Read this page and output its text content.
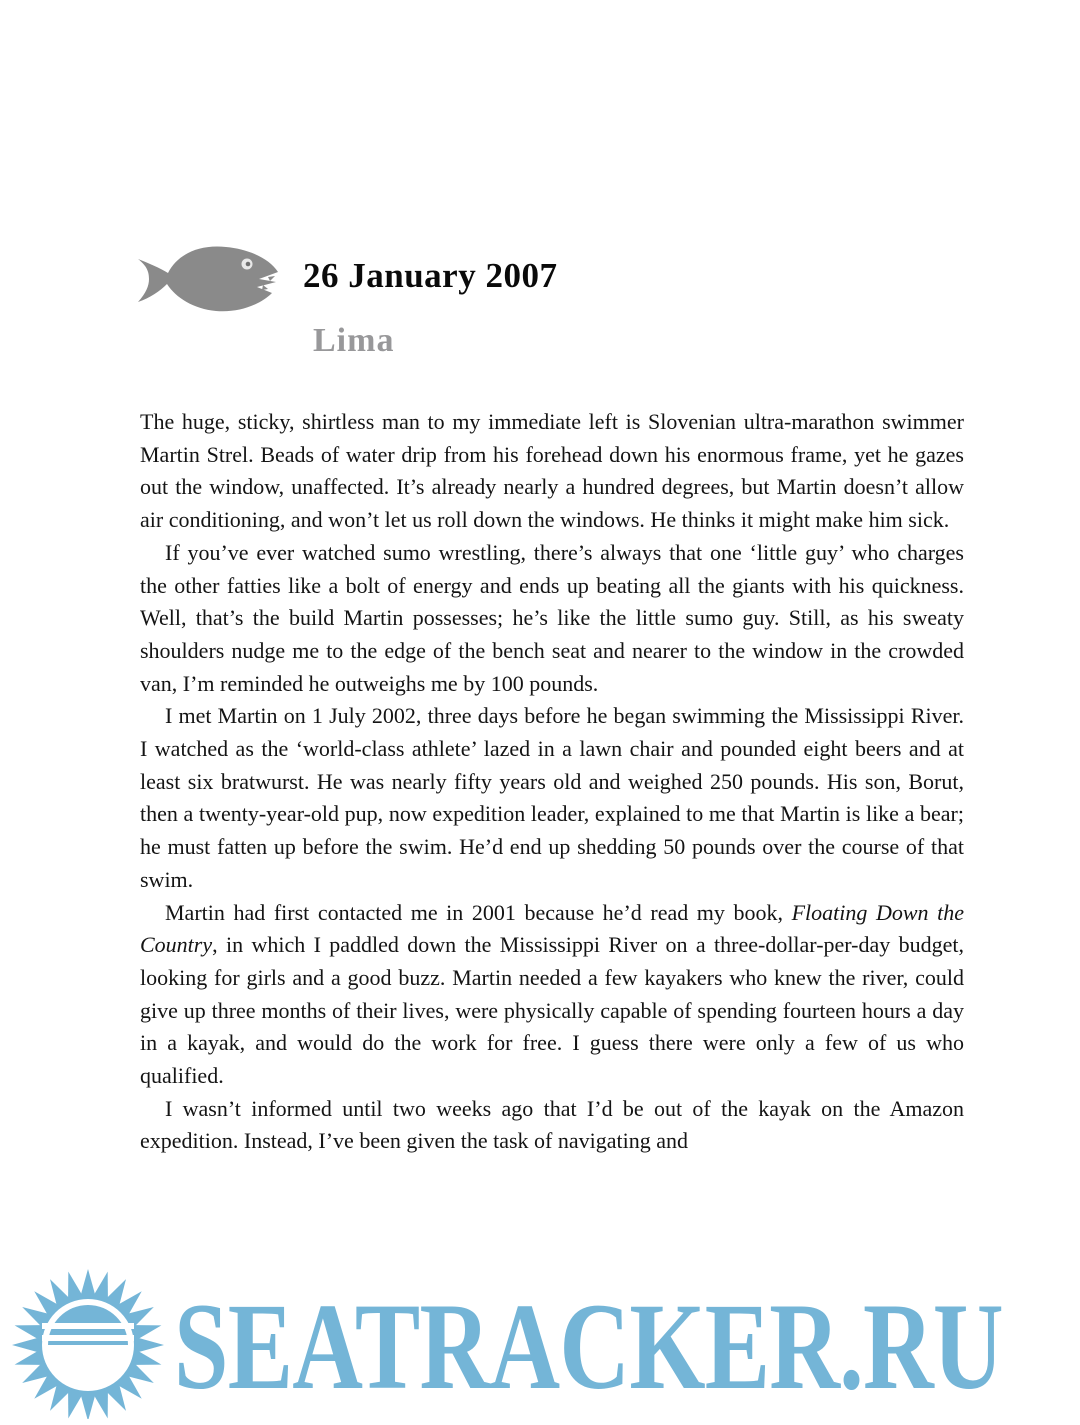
26 January 2007
Lima

The huge, sticky, shirtless man to my immediate left is Slovenian ultra-marathon swimmer Martin Strel. Beads of water drip from his forehead down his enormous frame, yet he gazes out the window, unaffected. It’s already nearly a hundred degrees, but Martin doesn’t allow air conditioning, and won’t let us roll down the windows. He thinks it might make him sick.

If you’ve ever watched sumo wrestling, there’s always that one ‘little guy’ who charges the other fatties like a bolt of energy and ends up beating all the giants with his quickness. Well, that’s the build Martin possesses; he’s like the little sumo guy. Still, as his sweaty shoulders nudge me to the edge of the bench seat and nearer to the window in the crowded van, I’m reminded he outweighs me by 100 pounds.

I met Martin on 1 July 2002, three days before he began swimming the Mississippi River. I watched as the ‘world-class athlete’ lazed in a lawn chair and pounded eight beers and at least six bratwurst. He was nearly fifty years old and weighed 250 pounds. His son, Borut, then a twenty-year-old pup, now expedition leader, explained to me that Martin is like a bear; he must fatten up before the swim. He’d end up shedding 50 pounds over the course of that swim.

Martin had first contacted me in 2001 because he’d read my book, Floating Down the Country, in which I paddled down the Mississippi River on a three-dollar-per-day budget, looking for girls and a good buzz. Martin needed a few kayakers who knew the river, could give up three months of their lives, were physically capable of spending fourteen hours a day in a kayak, and would do the work for free. I guess there were only a few of us who qualified.

I wasn’t informed until two weeks ago that I’d be out of the kayak on the Amazon expedition. Instead, I’ve been given the task of navigating and

SEATRACKER.RU
